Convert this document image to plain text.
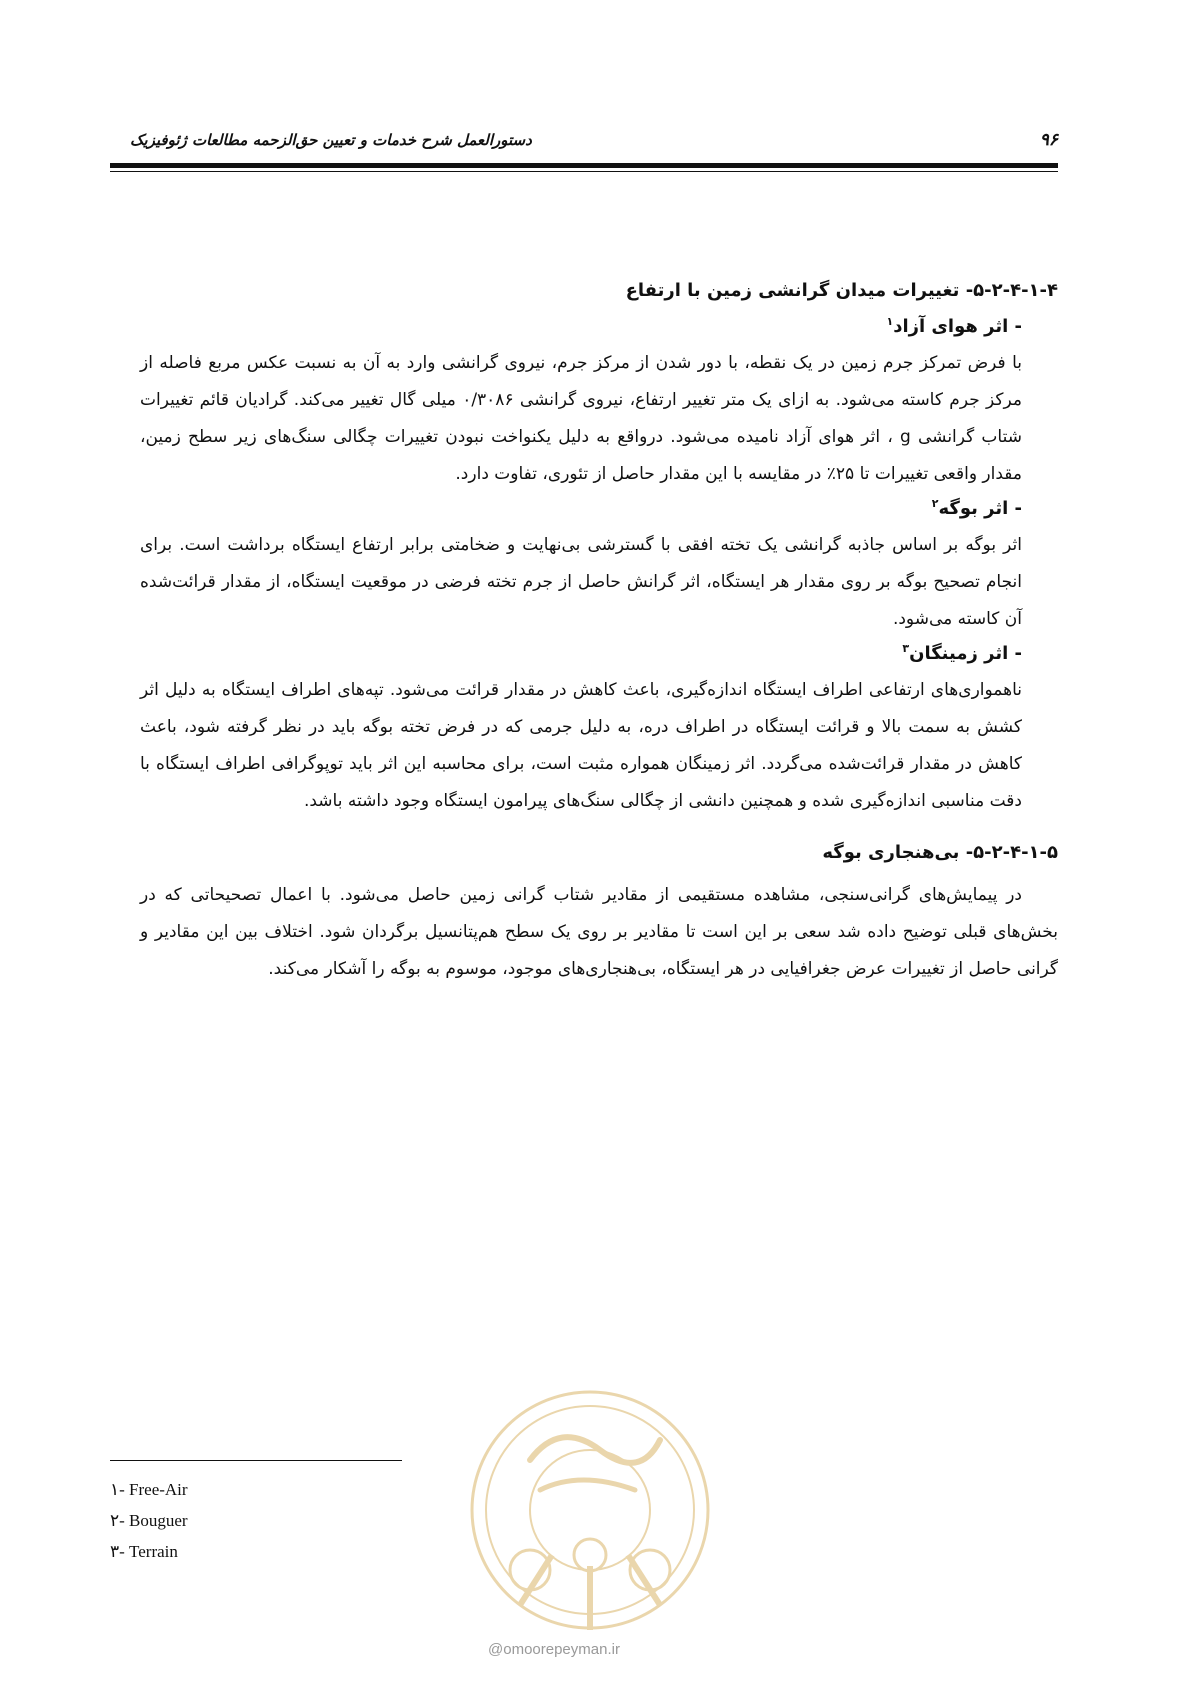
۹۶
دستورالعمل شرح خدمات و تعیین حق‌الزحمه مطالعات ژئوفیزیک
۵-۲-۴-۱-۴- تغییرات میدان گرانشی زمین با ارتفاع
- اثر هوای آزاد$^۱$

با فرض تمرکز جرم زمین در یک نقطه، با دور شدن از مرکز جرم، نیروی گرانشی وارد به آن به نسبت عکس مربع فاصله از مرکز جرم کاسته می‌شود. به ازای یک متر تغییر ارتفاع، نیروی گرانشی ۰/۳۰۸۶ میلی گال تغییر می‌کند. گرادیان قائم تغییرات شتاب گرانشی g ، اثر هوای آزاد نامیده می‌شود. درواقع به دلیل یکنواخت نبودن تغییرات چگالی سنگ‌های زیر سطح زمین، مقدار واقعی تغییرات تا ۲۵٪ در مقایسه با این مقدار حاصل از تئوری، تفاوت دارد.

- اثر بوگه$^۲$

اثر بوگه بر اساس جاذبه گرانشی یک تخته افقی با گسترشی بی‌نهایت و ضخامتی برابر ارتفاع ایستگاه برداشت است. برای انجام تصحیح بوگه بر روی مقدار هر ایستگاه، اثر گرانش حاصل از جرم تخته فرضی در موقعیت ایستگاه، از مقدار قرائت‌شده آن کاسته می‌شود.

- اثر زمینگان$^۳$

ناهمواری‌های ارتفاعی اطراف ایستگاه اندازه‌گیری، باعث کاهش در مقدار قرائت می‌شود. تپه‌های اطراف ایستگاه به دلیل اثر کشش به سمت بالا و قرائت ایستگاه در اطراف دره، به دلیل جرمی که در فرض تخته بوگه باید در نظر گرفته شود، باعث کاهش در مقدار قرائت‌شده می‌گردد. اثر زمینگان همواره مثبت است، برای محاسبه این اثر باید توپوگرافی اطراف ایستگاه با دقت مناسبی اندازه‌گیری شده و همچنین دانشی از چگالی سنگ‌های پیرامون ایستگاه وجود داشته باشد.

۵-۲-۴-۱-۵- بی‌هنجاری بوگه

در پیمایش‌های گرانی‌سنجی، مشاهده مستقیمی از مقادیر شتاب گرانی زمین حاصل می‌شود. با اعمال تصحیحاتی که در بخش‌های قبلی توضیح داده شد سعی بر این است تا مقادیر بر روی یک سطح هم‌پتانسیل برگردان شود. اختلاف بین این مقادیر و گرانی حاصل از تغییرات عرض جغرافیایی در هر ایستگاه، بی‌هنجاری‌های موجود، موسوم به بوگه را آشکار می‌کند.

۱- Free-Air
۲- Bouguer
۳- Terrain
@omoorepeyman.ir
